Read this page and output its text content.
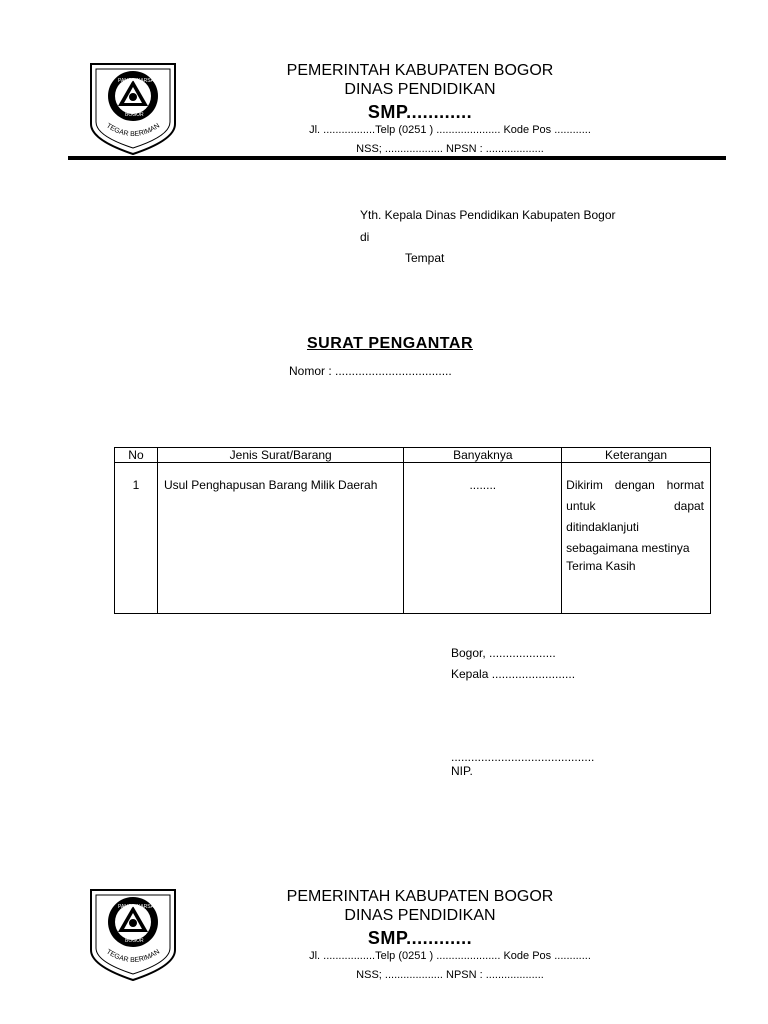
PANCA KARSA
BOGOR
TEGAR BERIMAN
PEMERINTAH KABUPATEN BOGOR
DINAS PENDIDIKAN
SMP............
Jl. .................Telp (0251 ) ..................... Kode Pos ............
NSS; ................... NPSN : ...................
Yth. Kepala Dinas Pendidikan Kabupaten Bogor
di
Tempat
SURAT PENGANTAR
Nomor : ...................................
No	Jenis Surat/Barang	Banyaknya	Keterangan
1	Usul Penghapusan Barang Milik Daerah	........	Dikirim dengan hormat untuk dapat ditindaklanjuti sebagaimana mestinya
Terima Kasih
Bogor, ....................
Kepala .........................
...........................................
NIP.
PANCA KARSA
BOGOR
TEGAR BERIMAN
PEMERINTAH KABUPATEN BOGOR
DINAS PENDIDIKAN
SMP............
Jl. .................Telp (0251 ) ..................... Kode Pos ............
NSS; ................... NPSN : ...................
